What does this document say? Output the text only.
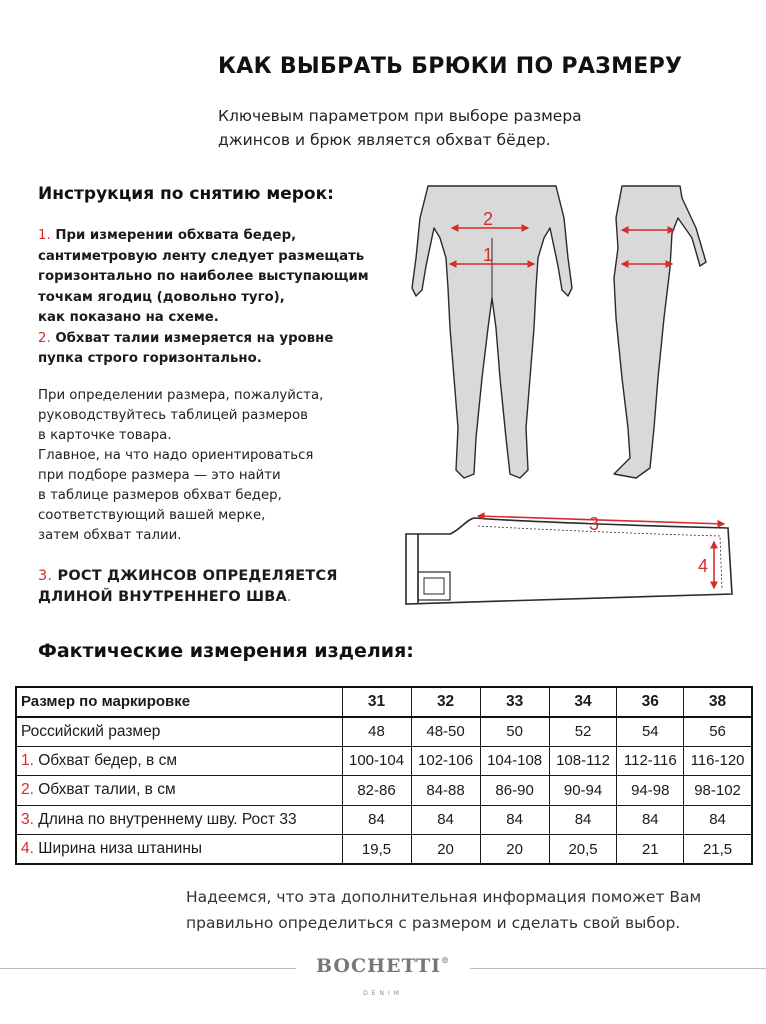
КАК ВЫБРАТЬ БРЮКИ ПО РАЗМЕРУ
Ключевым параметром при выборе размера
джинсов и брюк является обхват бёдер.
Инструкция по снятию мерок:
1. При измерении обхвата бедер,
сантиметровую ленту следует размещать
горизонтально по наиболее выступающим
точкам ягодиц (довольно туго),
как показано на схеме.
2. Обхват талии измеряется на уровне
пупка строго горизонтально.
При определении размера, пожалуйста,
руководствуйтесь таблицей размеров
в карточке товара.
Главное, на что надо ориентироваться
при подборе размера — это найти
в таблице размеров обхват бедер,
соответствующий вашей мерке,
затем обхват талии.
3. РОСТ ДЖИНСОВ ОПРЕДЕЛЯЕТСЯ
ДЛИНОЙ ВНУТРЕННЕГО ШВА.
2
1
3
4
Фактические измерения изделия:
Размер по маркировке	31	32	33	34	36	38
Российский размер	48	48-50	50	52	54	56
1. Обхват бедер, в см	100-104	102-106	104-108	108-112	112-116	116-120
2. Обхват талии, в см	82-86	84-88	86-90	90-94	94-98	98-102
3. Длина по внутреннему шву. Рост 33	84	84	84	84	84	84
4. Ширина низа штанины	19,5	20	20	20,5	21	21,5
Надеемся, что эта дополнительная информация поможет Вам
правильно определиться с размером и сделать свой выбор.
BOCHETTI®
DENIM
